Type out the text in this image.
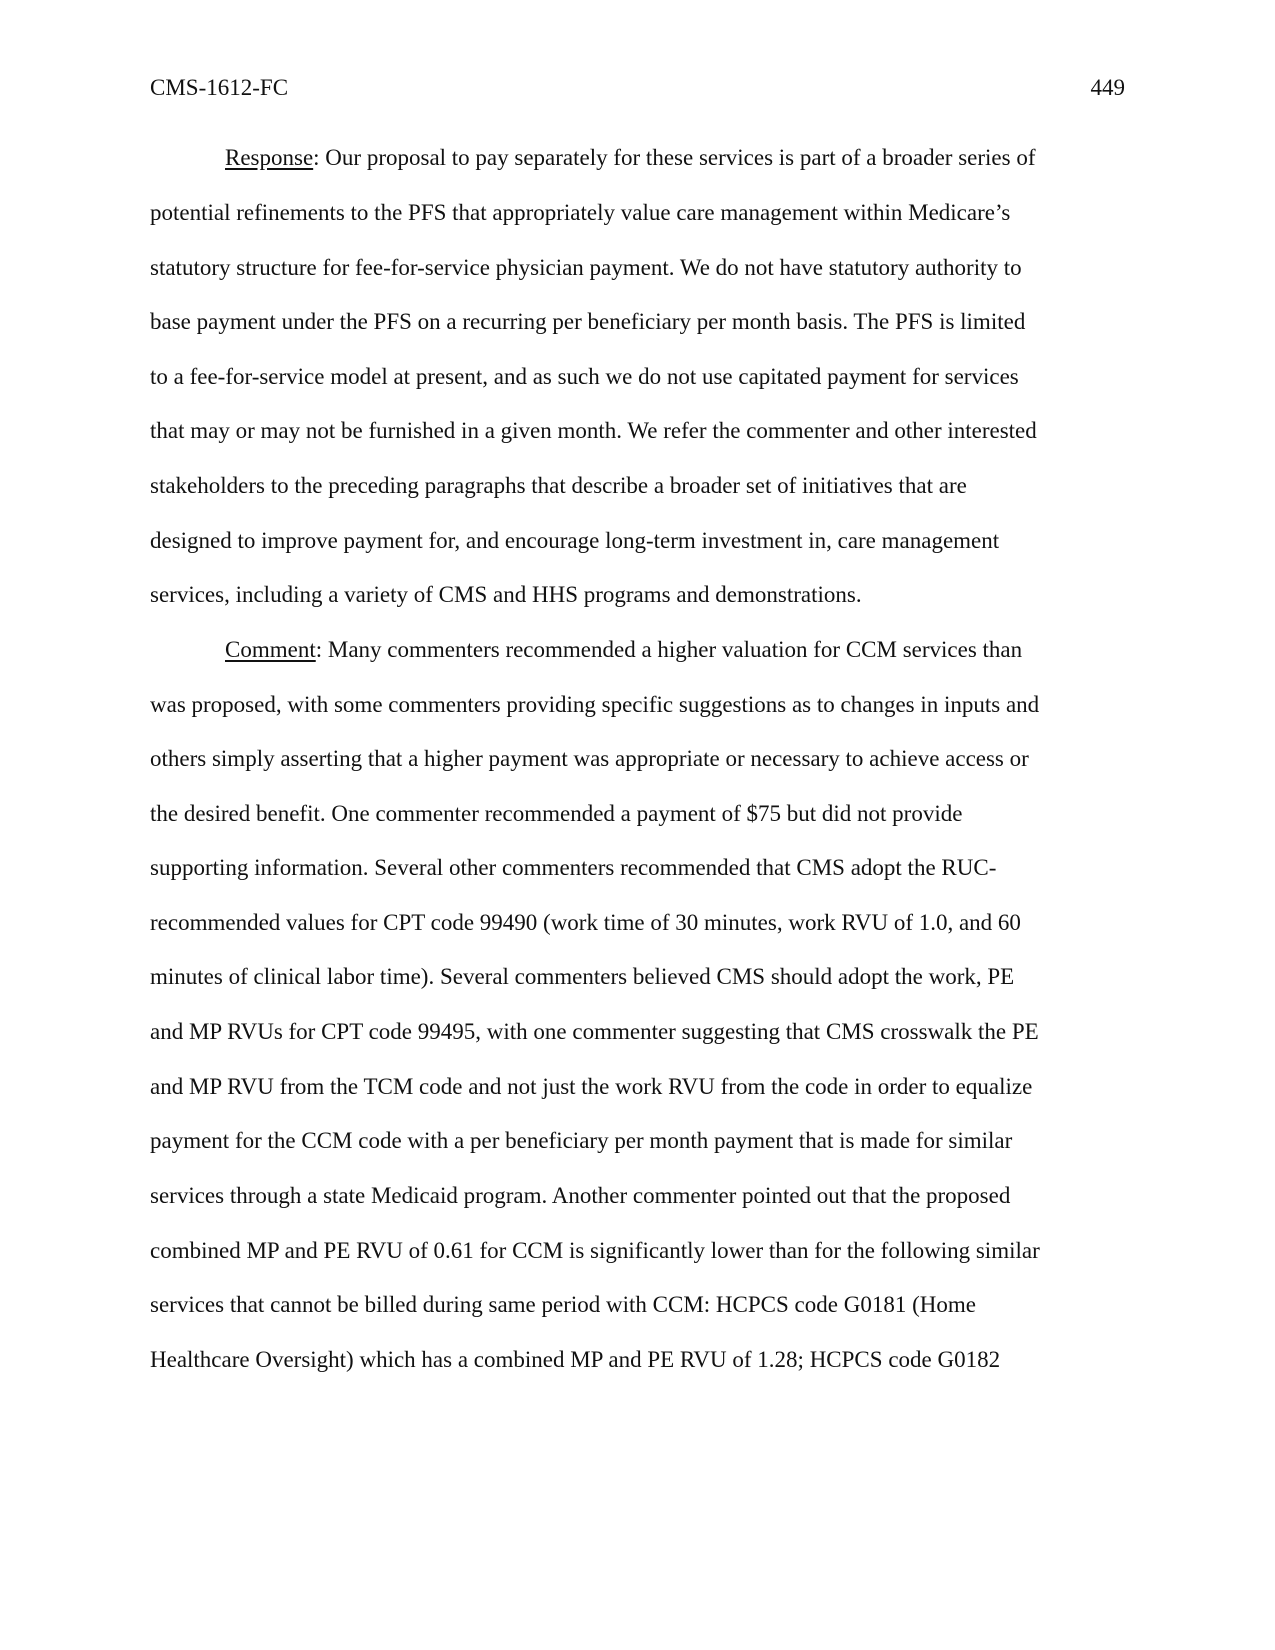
CMS-1612-FC	449
Response: Our proposal to pay separately for these services is part of a broader series of
potential refinements to the PFS that appropriately value care management within Medicare’s
statutory structure for fee-for-service physician payment. We do not have statutory authority to
base payment under the PFS on a recurring per beneficiary per month basis. The PFS is limited
to a fee-for-service model at present, and as such we do not use capitated payment for services
that may or may not be furnished in a given month. We refer the commenter and other interested
stakeholders to the preceding paragraphs that describe a broader set of initiatives that are
designed to improve payment for, and encourage long-term investment in, care management
services, including a variety of CMS and HHS programs and demonstrations.
Comment: Many commenters recommended a higher valuation for CCM services than
was proposed, with some commenters providing specific suggestions as to changes in inputs and
others simply asserting that a higher payment was appropriate or necessary to achieve access or
the desired benefit. One commenter recommended a payment of $75 but did not provide
supporting information. Several other commenters recommended that CMS adopt the RUC-
recommended values for CPT code 99490 (work time of 30 minutes, work RVU of 1.0, and 60
minutes of clinical labor time). Several commenters believed CMS should adopt the work, PE
and MP RVUs for CPT code 99495, with one commenter suggesting that CMS crosswalk the PE
and MP RVU from the TCM code and not just the work RVU from the code in order to equalize
payment for the CCM code with a per beneficiary per month payment that is made for similar
services through a state Medicaid program. Another commenter pointed out that the proposed
combined MP and PE RVU of 0.61 for CCM is significantly lower than for the following similar
services that cannot be billed during same period with CCM: HCPCS code G0181 (Home
Healthcare Oversight) which has a combined MP and PE RVU of 1.28; HCPCS code G0182
